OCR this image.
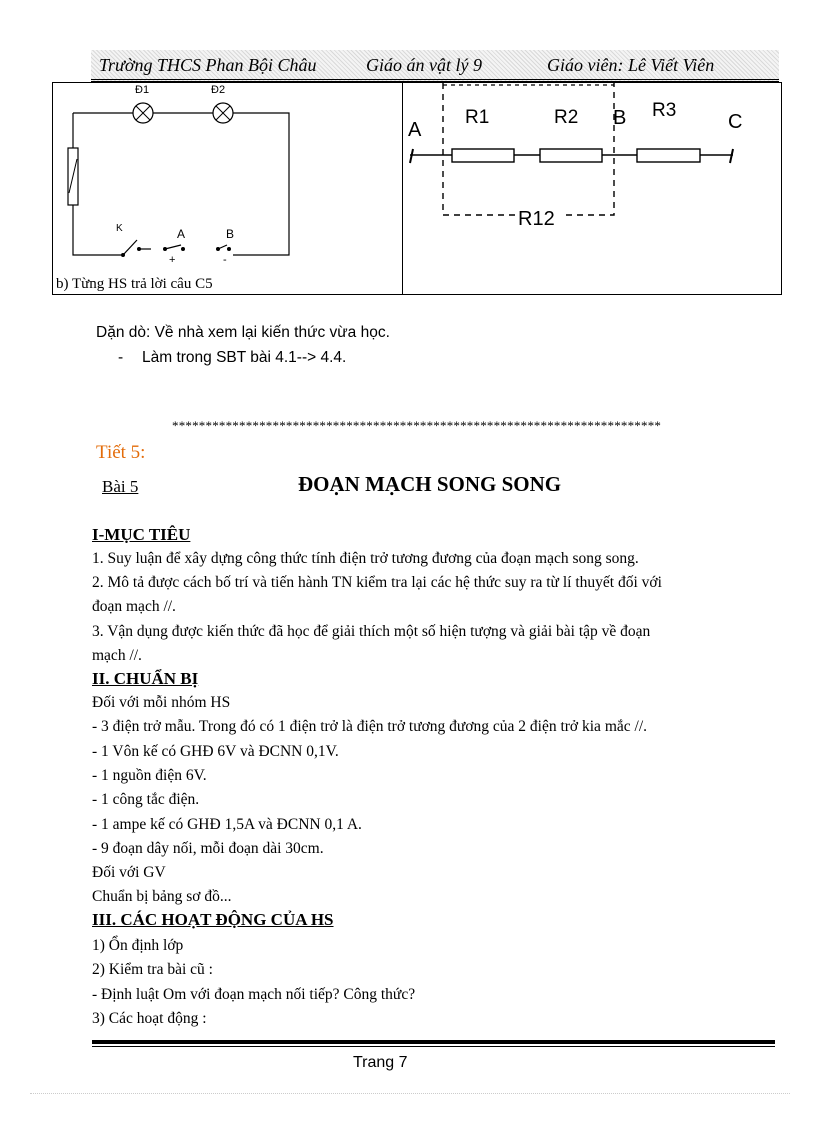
Trường THCS Phan Bội Châu	Giáo án vật lý 9	Giáo viên: Lê Viết Viên
Đ1	Đ2
K	A	B
+	-
b) Từng HS trả lời câu C5
A
B	C
R1	R2	R3
R12
Dặn dò: Về nhà xem lại kiến thức vừa học.
- Làm trong SBT bài 4.1--> 4.4.
*************************************************************************
Tiết 5:
Bài 5	ĐOẠN MẠCH SONG SONG
I-MỤC TIÊU
1. Suy luận để xây dựng công thức tính điện trở tương đương của đoạn mạch song song.
2. Mô tả được cách bố trí và tiến hành TN kiểm tra lại các hệ thức suy ra từ lí thuyết đối với
đoạn mạch //.
3. Vận dụng được kiến thức đã học để giải thích một số hiện tượng và giải bài tập về đoạn
mạch //.
II. CHUẨN BỊ
Đối với mỗi nhóm HS
- 3 điện trở mẫu. Trong đó có 1 điện trở là điện trở tương đương của 2 điện trở kia mắc //.
- 1 Vôn kế có GHĐ 6V và ĐCNN 0,1V.
- 1 nguồn điện 6V.
- 1 công tắc điện.
- 1 ampe kế có GHĐ 1,5A và ĐCNN 0,1 A.
- 9 đoạn dây nối, mỗi đoạn dài 30cm.
Đối với GV
Chuẩn bị bảng sơ đồ...
III. CÁC HOẠT ĐỘNG CỦA HS
1) Ổn định lớp
2) Kiểm tra bài cũ :
- Định luật Om với đoạn mạch nối tiếp? Công thức?
3) Các hoạt động :
Trang 7
